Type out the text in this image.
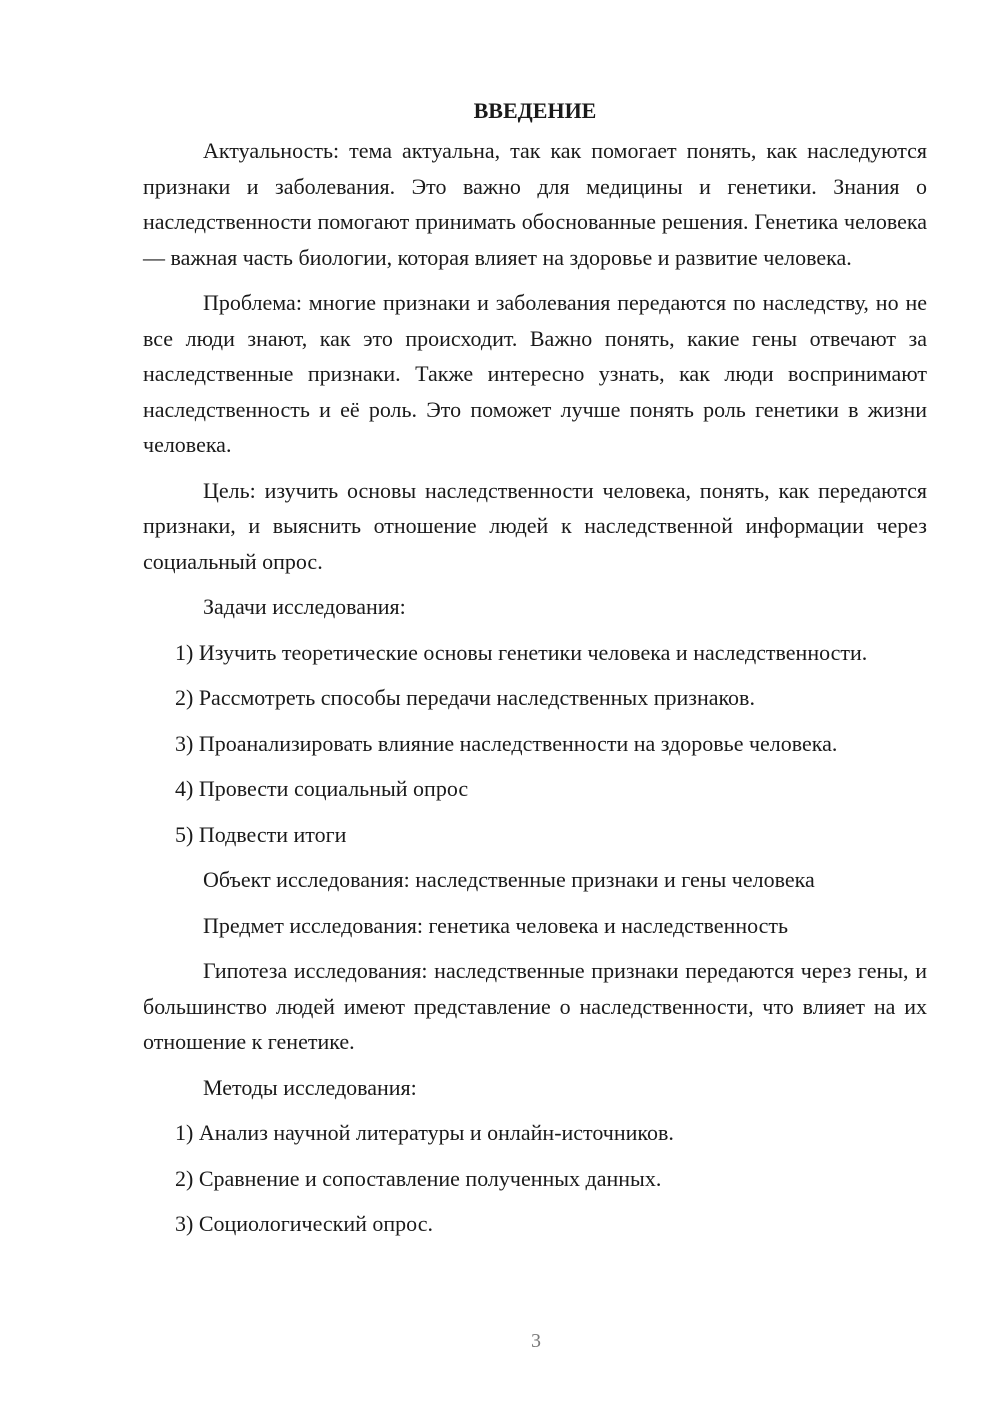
ВВЕДЕНИЕ

Актуальность: тема актуальна, так как помогает понять, как наследуются признаки и заболевания. Это важно для медицины и генетики. Знания о наследственности помогают принимать обоснованные решения. Генетика человека — важная часть биологии, которая влияет на здоровье и развитие человека.

Проблема: многие признаки и заболевания передаются по наследству, но не все люди знают, как это происходит. Важно понять, какие гены отвечают за наследственные признаки. Также интересно узнать, как люди воспринимают наследственность и её роль. Это поможет лучше понять роль генетики в жизни человека.

Цель: изучить основы наследственности человека, понять, как передаются признаки, и выяснить отношение людей к наследственной информации через социальный опрос.

Задачи исследования:

1) Изучить теоретические основы генетики человека и наследственности.

2) Рассмотреть способы передачи наследственных признаков.

3) Проанализировать влияние наследственности на здоровье человека.

4) Провести социальный опрос

5) Подвести итоги

Объект исследования: наследственные признаки и гены человека

Предмет исследования: генетика человека и наследственность

Гипотеза исследования: наследственные признаки передаются через гены, и большинство людей имеют представление о наследственности, что влияет на их отношение к генетике.

Методы исследования:

1) Анализ научной литературы и онлайн-источников.

2) Сравнение и сопоставление полученных данных.

3) Социологический опрос.

3
